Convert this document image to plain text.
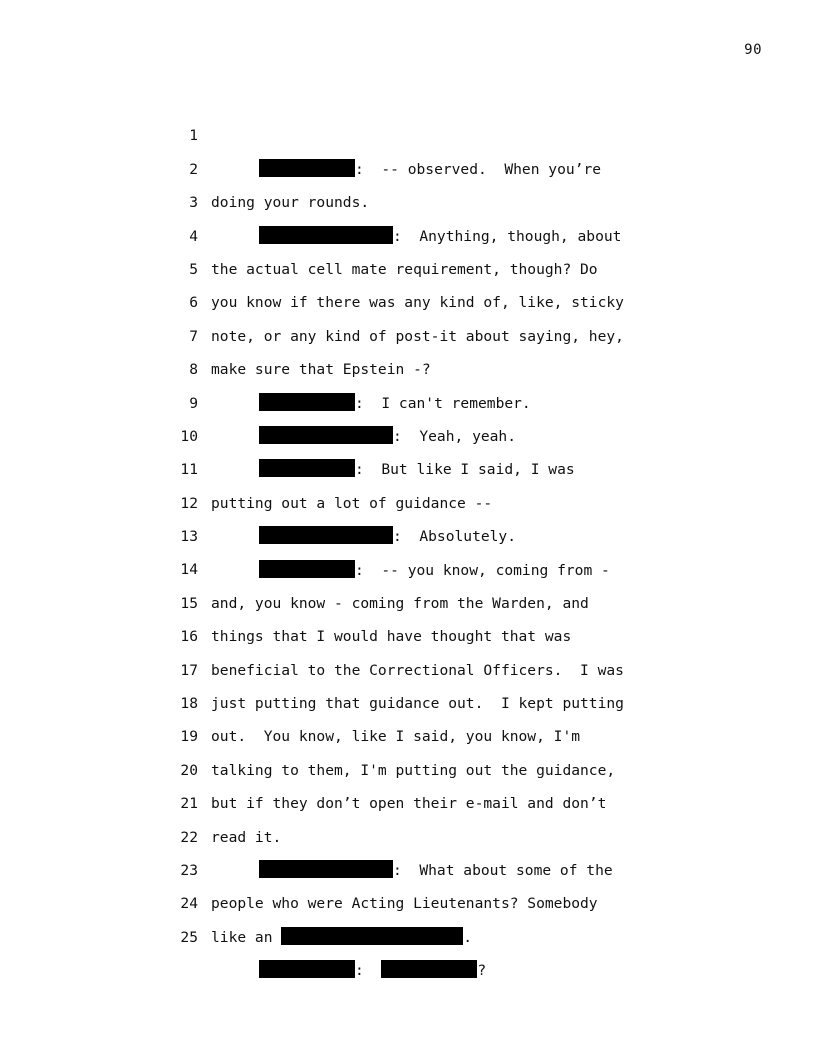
90

1

:  -- observed.  When you’re

2

doing your rounds.

3

:  Anything, though, about

4

the actual cell mate requirement, though? Do

5

you know if there was any kind of, like, sticky

6

note, or any kind of post-it about saying, hey,

7

make sure that Epstein -?

8

:  I can't remember.

9

:  Yeah, yeah.

10

:  But like I said, I was

11

putting out a lot of guidance --

12

:  Absolutely.

13

:  -- you know, coming from -

14

and, you know - coming from the Warden, and

15

things that I would have thought that was

16

beneficial to the Correctional Officers.  I was

17

just putting that guidance out.  I kept putting

18

out.  You know, like I said, you know, I'm

19

talking to them, I'm putting out the guidance,

20

but if they don’t open their e-mail and don’t

21

read it.

22

:  What about some of the

23

people who were Acting Lieutenants? Somebody

24

like an	.

25

:	?
